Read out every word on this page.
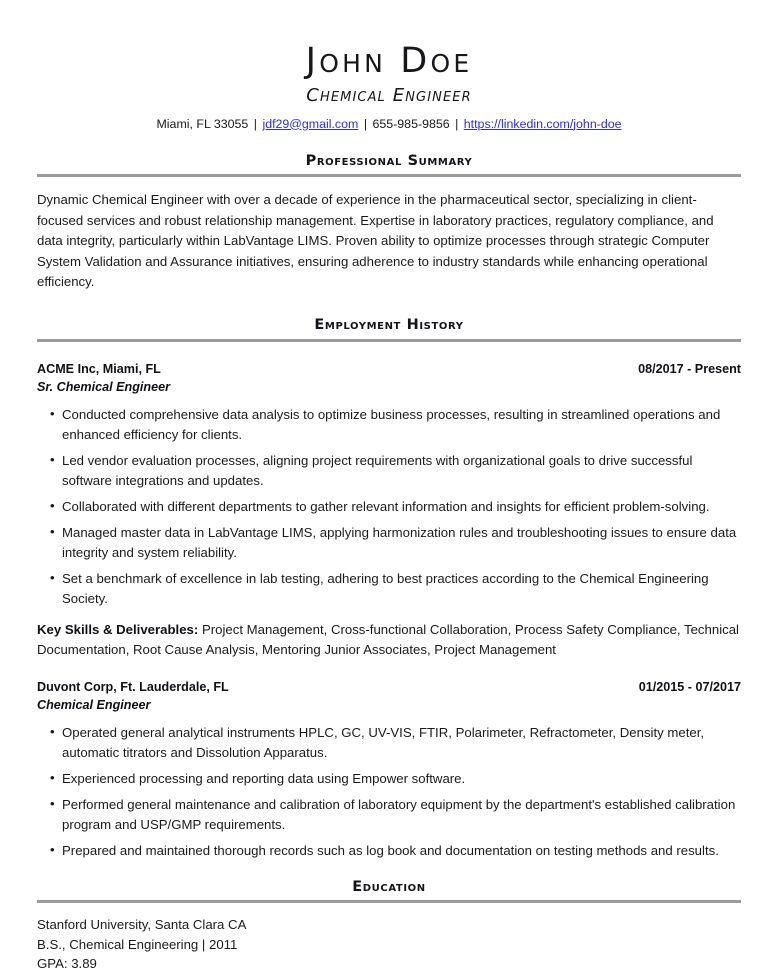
John Doe
Chemical Engineer
Miami, FL 33055 | jdf29@gmail.com | 655-985-9856 | https://linkedin.com/john-doe
Professional Summary

Dynamic Chemical Engineer with over a decade of experience in the pharmaceutical sector, specializing in client-focused services and robust relationship management. Expertise in laboratory practices, regulatory compliance, and data integrity, particularly within LabVantage LIMS. Proven ability to optimize processes through strategic Computer System Validation and Assurance initiatives, ensuring adherence to industry standards while enhancing operational efficiency.

Employment History
ACME Inc, Miami, FL	08/2017 - Present
Sr. Chemical Engineer
• Conducted comprehensive data analysis to optimize business processes, resulting in streamlined operations and enhanced efficiency for clients.
• Led vendor evaluation processes, aligning project requirements with organizational goals to drive successful software integrations and updates.
• Collaborated with different departments to gather relevant information and insights for efficient problem-solving.
• Managed master data in LabVantage LIMS, applying harmonization rules and troubleshooting issues to ensure data integrity and system reliability.
• Set a benchmark of excellence in lab testing, adhering to best practices according to the Chemical Engineering Society.

Key Skills & Deliverables: Project Management, Cross-functional Collaboration, Process Safety Compliance, Technical Documentation, Root Cause Analysis, Mentoring Junior Associates, Project Management

Duvont Corp, Ft. Lauderdale, FL	01/2015 - 07/2017
Chemical Engineer
• Operated general analytical instruments HPLC, GC, UV-VIS, FTIR, Polarimeter, Refractometer, Density meter, automatic titrators and Dissolution Apparatus.
• Experienced processing and reporting data using Empower software.
• Performed general maintenance and calibration of laboratory equipment by the department's established calibration program and USP/GMP requirements.
• Prepared and maintained thorough records such as log book and documentation on testing methods and results.
Education
Stanford University, Santa Clara CA
B.S., Chemical Engineering | 2011
GPA: 3.89
